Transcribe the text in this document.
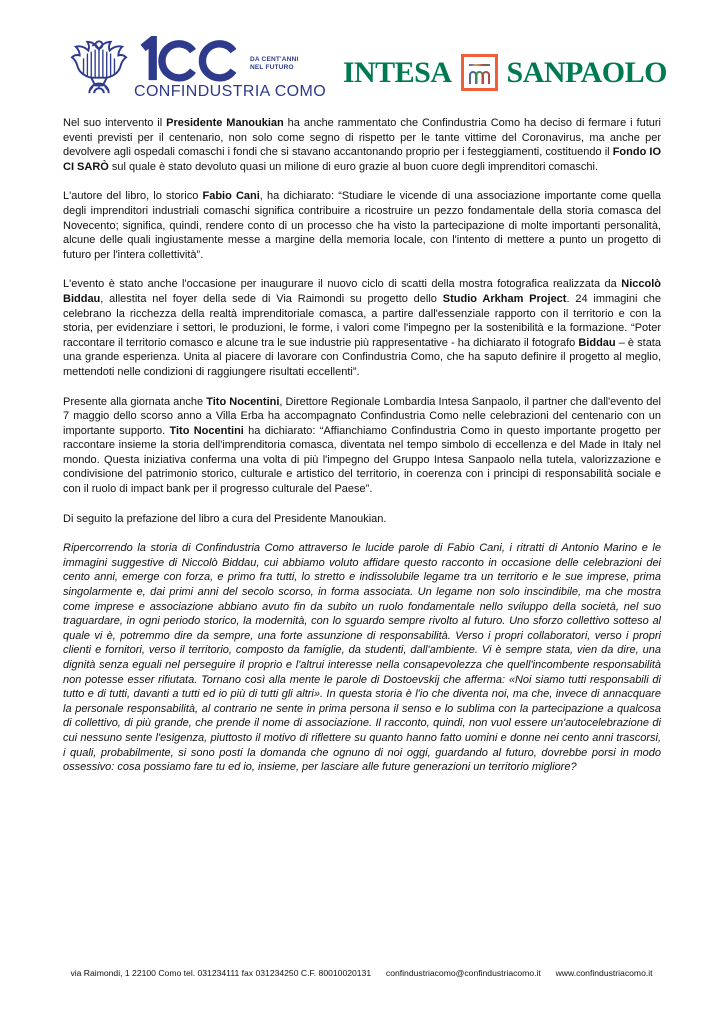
DA CENT'ANNI
NEL FUTURO
CONFINDUSTRIA COMO
INTESA SANPAOLO

Nel suo intervento il Presidente Manoukian ha anche rammentato che Confindustria Como ha deciso di fermare i futuri eventi previsti per il centenario, non solo come segno di rispetto per le tante vittime del Coronavirus, ma anche per devolvere agli ospedali comaschi i fondi che si stavano accantonando proprio per i festeggiamenti, costituendo il Fondo IO CI SARÒ sul quale è stato devoluto quasi un milione di euro grazie al buon cuore degli imprenditori comaschi.

L'autore del libro, lo storico Fabio Cani, ha dichiarato: “Studiare le vicende di una associazione importante come quella degli imprenditori industriali comaschi significa contribuire a ricostruire un pezzo fondamentale della storia comasca del Novecento; significa, quindi, rendere conto di un processo che ha visto la partecipazione di molte importanti personalità, alcune delle quali ingiustamente messe a margine della memoria locale, con l'intento di mettere a punto un progetto di futuro per l'intera collettività”.

L'evento è stato anche l'occasione per inaugurare il nuovo ciclo di scatti della mostra fotografica realizzata da Niccolò Biddau, allestita nel foyer della sede di Via Raimondi su progetto dello Studio Arkham Project. 24 immagini che celebrano la ricchezza della realtà imprenditoriale comasca, a partire dall'essenziale rapporto con il territorio e con la storia, per evidenziare i settori, le produzioni, le forme, i valori come l'impegno per la sostenibilità e la formazione. “Poter raccontare il territorio comasco e alcune tra le sue industrie più rappresentative - ha dichiarato il fotografo Biddau – è stata una grande esperienza. Unita al piacere di lavorare con Confindustria Como, che ha saputo definire il progetto al meglio, mettendoti nelle condizioni di raggiungere risultati eccellenti”.

Presente alla giornata anche Tito Nocentini, Direttore Regionale Lombardia Intesa Sanpaolo, il partner che dall'evento del 7 maggio dello scorso anno a Villa Erba ha accompagnato Confindustria Como nelle celebrazioni del centenario con un importante supporto. Tito Nocentini ha dichiarato: “Affianchiamo Confindustria Como in questo importante progetto per raccontare insieme la storia dell'imprenditoria comasca, diventata nel tempo simbolo di eccellenza e del Made in Italy nel mondo. Questa iniziativa conferma una volta di più l'impegno del Gruppo Intesa Sanpaolo nella tutela, valorizzazione e condivisione del patrimonio storico, culturale e artistico del territorio, in coerenza con i principi di responsabilità sociale e con il ruolo di impact bank per il progresso culturale del Paese”.

Di seguito la prefazione del libro a cura del Presidente Manoukian.

Ripercorrendo la storia di Confindustria Como attraverso le lucide parole di Fabio Cani, i ritratti di Antonio Marino e le immagini suggestive di Niccolò Biddau, cui abbiamo voluto affidare questo racconto in occasione delle celebrazioni dei cento anni, emerge con forza, e primo fra tutti, lo stretto e indissolubile legame tra un territorio e le sue imprese, prima singolarmente e, dai primi anni del secolo scorso, in forma associata. Un legame non solo inscindibile, ma che mostra come imprese e associazione abbiano avuto fin da subito un ruolo fondamentale nello sviluppo della società, nel suo traguardare, in ogni periodo storico, la modernità, con lo sguardo sempre rivolto al futuro. Uno sforzo collettivo sotteso al quale vi è, potremmo dire da sempre, una forte assunzione di responsabilità. Verso i propri collaboratori, verso i propri clienti e fornitori, verso il territorio, composto da famiglie, da studenti, dall'ambiente. Vi è sempre stata, vien da dire, una dignità senza eguali nel perseguire il proprio e l'altrui interesse nella consapevolezza che quell'incombente responsabilità non potesse esser rifiutata. Tornano così alla mente le parole di Dostoevskij che afferma: «Noi siamo tutti responsabili di tutto e di tutti, davanti a tutti ed io più di tutti gli altri». In questa storia è l'io che diventa noi, ma che, invece di annacquare la personale responsabilità, al contrario ne sente in prima persona il senso e lo sublima con la partecipazione a qualcosa di collettivo, di più grande, che prende il nome di associazione. Il racconto, quindi, non vuol essere un'autocelebrazione di cui nessuno sente l'esigenza, piuttosto il motivo di riflettere su quanto hanno fatto uomini e donne nei cento anni trascorsi, i quali, probabilmente, si sono posti la domanda che ognuno di noi oggi, guardando al futuro, dovrebbe porsi in modo ossessivo: cosa possiamo fare tu ed io, insieme, per lasciare alle future generazioni un territorio migliore?

via Raimondi, 1 22100 Como tel. 031234111 fax 031234250 C.F. 80010020131 confindustriacomo@confindustriacomo.it www.confindustriacomo.it
